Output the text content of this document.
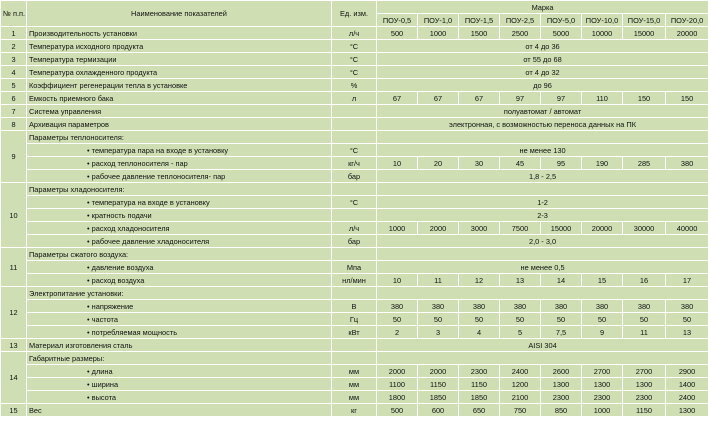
№ п.п.	Наименование показателей	Ед. изм.	Марка							
			ПОУ-0,5	ПОУ-1,0	ПОУ-1,5	ПОУ-2,5	ПОУ-5,0	ПОУ-10,0	ПОУ-15,0	ПОУ-20,0
1	Производительность установки	л/ч	500	1000	1500	2500	5000	10000	15000	20000
2	Температура исходного продукта	°С	от 4 до 36							
3	Температура термизации	°С	от 55 до 68							
4	Температура охлажденного продукта	°С	от 4 до 32							
5	Коэффициент регенерации тепла в установке	%	до 96							
6	Емкость приемного бака	л	67	67	67	97	97	110	150	150
7	Система управления		полуавтомат / автомат							
8	Архивация параметров		электронная, с возможностью переноса данных на ПК							
9	Параметры теплоносителя:									
	• температура пара на входе в установку	°С	не менее 130							
	• расход теплоносителя - пар	кг/ч	10	20	30	45	95	190	285	380
	• рабочее давление теплоносителя- пар	бар	1,8 - 2,5							
10	Параметры хладоносителя:									
	• температура на входе в установку	°С	1-2							
	• кратность подачи		2-3							
	• расход хладоносителя	л/ч	1000	2000	3000	7500	15000	20000	30000	40000
	• рабочее давление хладоносителя	бар	2,0 - 3,0							
11	Параметры сжатого воздуха:									
	• давление воздуха	Мпа	не менее 0,5							
	• расход воздуха	нл/мин	10	11	12	13	14	15	16	17
12	Электропитание установки:									
	• напряжение	В	380	380	380	380	380	380	380	380
	• частота	Гц	50	50	50	50	50	50	50	50
	• потребляемая мощность	кВт	2	3	4	5	7,5	9	11	13
13	Материал изготовления сталь		AISI 304							
14	Габаритные размеры:									
	• длина	мм	2000	2000	2300	2400	2600	2700	2700	2900
	• ширина	мм	1100	1150	1150	1200	1300	1300	1300	1400
	• высота	мм	1800	1850	1850	2100	2300	2300	2300	2400
15	Вес	кг	500	600	650	750	850	1000	1150	1300
